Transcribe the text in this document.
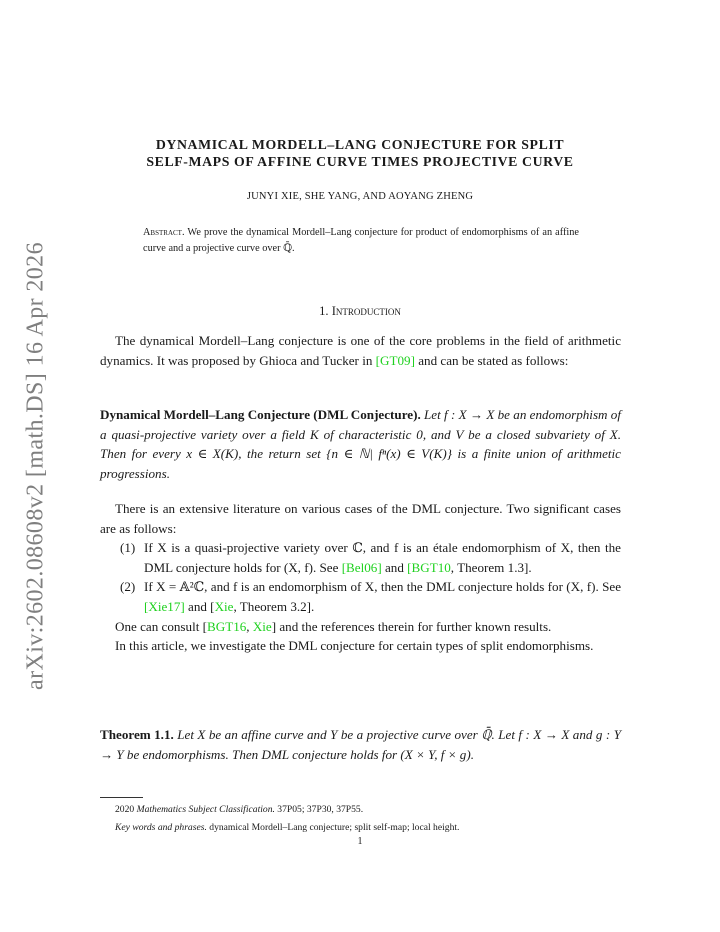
arXiv:2602.08608v2 [math.DS] 16 Apr 2026
DYNAMICAL MORDELL–LANG CONJECTURE FOR SPLIT
SELF-MAPS OF AFFINE CURVE TIMES PROJECTIVE CURVE
JUNYI XIE, SHE YANG, AND AOYANG ZHENG
Abstract. We prove the dynamical Mordell–Lang conjecture for product of endomorphisms of an affine curve and a projective curve over ℚ̄.
1. Introduction

The dynamical Mordell–Lang conjecture is one of the core problems in the field of arithmetic dynamics. It was proposed by Ghioca and Tucker in [GT09] and can be stated as follows:

Dynamical Mordell–Lang Conjecture (DML Conjecture). Let f : X → X be an endomorphism of a quasi-projective variety over a field K of characteristic 0, and V be a closed subvariety of X. Then for every x ∈ X(K), the return set {n ∈ ℕ| fⁿ(x) ∈ V(K)} is a finite union of arithmetic progressions.

There is an extensive literature on various cases of the DML conjecture. Two significant cases are as follows:

(1) If X is a quasi-projective variety over ℂ, and f is an étale endomorphism of X, then the DML conjecture holds for (X, f). See [Bel06] and [BGT10, Theorem 1.3].
(2) If X = 𝔸²ℂ, and f is an endomorphism of X, then the DML conjecture holds for (X, f). See [Xie17] and [Xie, Theorem 3.2].

One can consult [BGT16, Xie] and the references therein for further known results.

In this article, we investigate the DML conjecture for certain types of split endomorphisms.

Theorem 1.1. Let X be an affine curve and Y be a projective curve over ℚ̄. Let f : X → X and g : Y → Y be endomorphisms. Then DML conjecture holds for (X × Y, f × g).

2020 Mathematics Subject Classification. 37P05; 37P30, 37P55.
Key words and phrases. dynamical Mordell–Lang conjecture; split self-map; local height.
1
